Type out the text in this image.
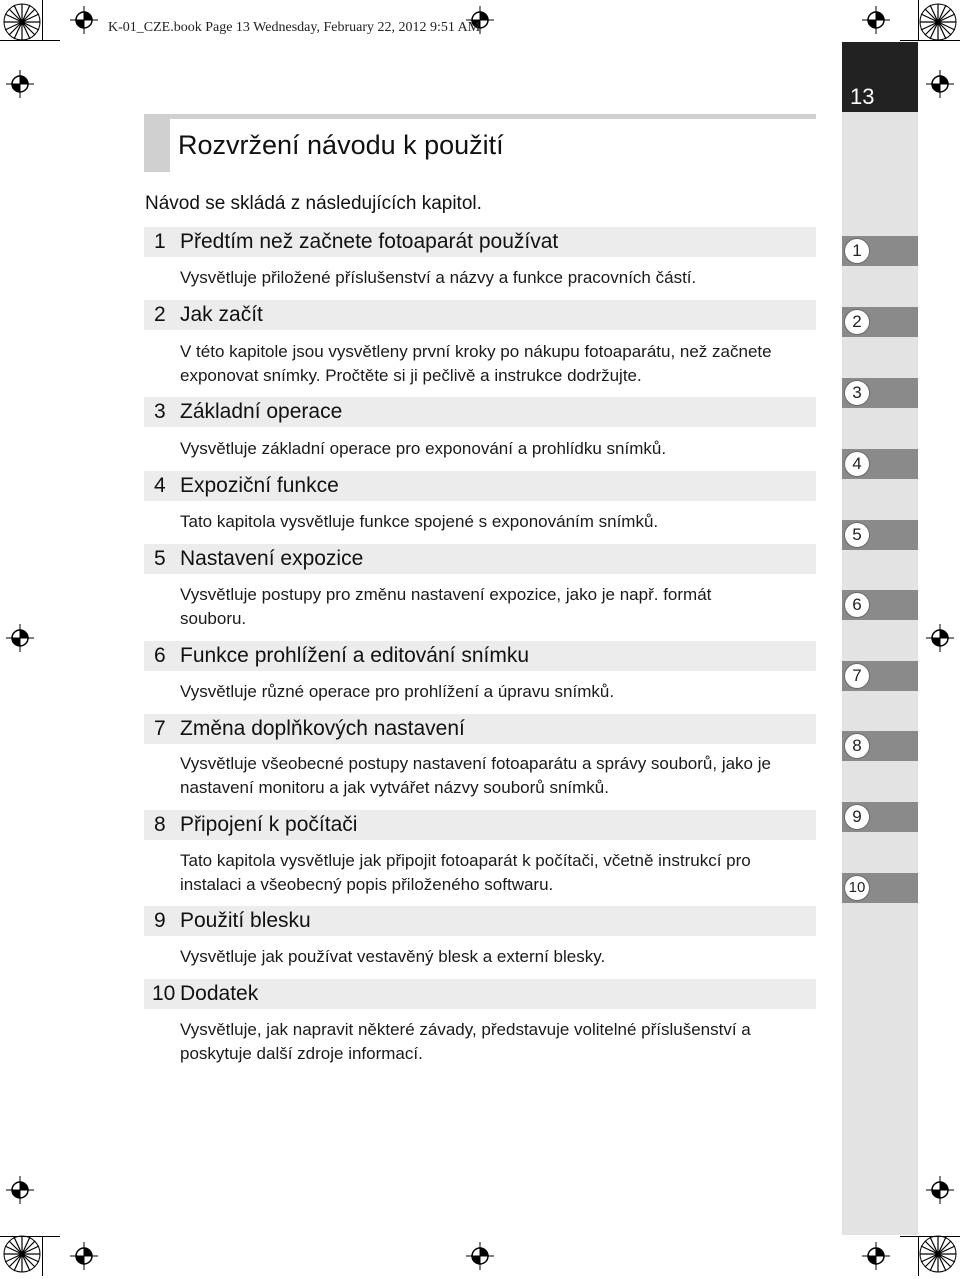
K-01_CZE.book Page 13 Wednesday, February 22, 2012 9:51 AM
13
Rozvržení návodu k použití
Návod se skládá z následujících kapitol.
1 Předtím než začnete fotoaparát používat
Vysvětluje přiložené příslušenství a názvy a funkce pracovních částí.
2 Jak začít
V této kapitole jsou vysvětleny první kroky po nákupu fotoaparátu, než začnete exponovat snímky. Pročtěte si ji pečlivě a instrukce dodržujte.
3 Základní operace
Vysvětluje základní operace pro exponování a prohlídku snímků.
4 Expoziční funkce
Tato kapitola vysvětluje funkce spojené s exponováním snímků.
5 Nastavení expozice
Vysvětluje postupy pro změnu nastavení expozice, jako je např. formát souboru.
6 Funkce prohlížení a editování snímku
Vysvětluje různé operace pro prohlížení a úpravu snímků.
7 Změna doplňkových nastavení
Vysvětluje všeobecné postupy nastavení fotoaparátu a správy souborů, jako je nastavení monitoru a jak vytvářet názvy souborů snímků.
8 Připojení k počítači
Tato kapitola vysvětluje jak připojit fotoaparát k počítači, včetně instrukcí pro instalaci a všeobecný popis přiloženého softwaru.
9 Použití blesku
Vysvětluje jak používat vestavěný blesk a externí blesky.
10 Dodatek
Vysvětluje, jak napravit některé závady, představuje volitelné příslušenství a poskytuje další zdroje informací.
1
2
3
4
5
6
7
8
9
10
